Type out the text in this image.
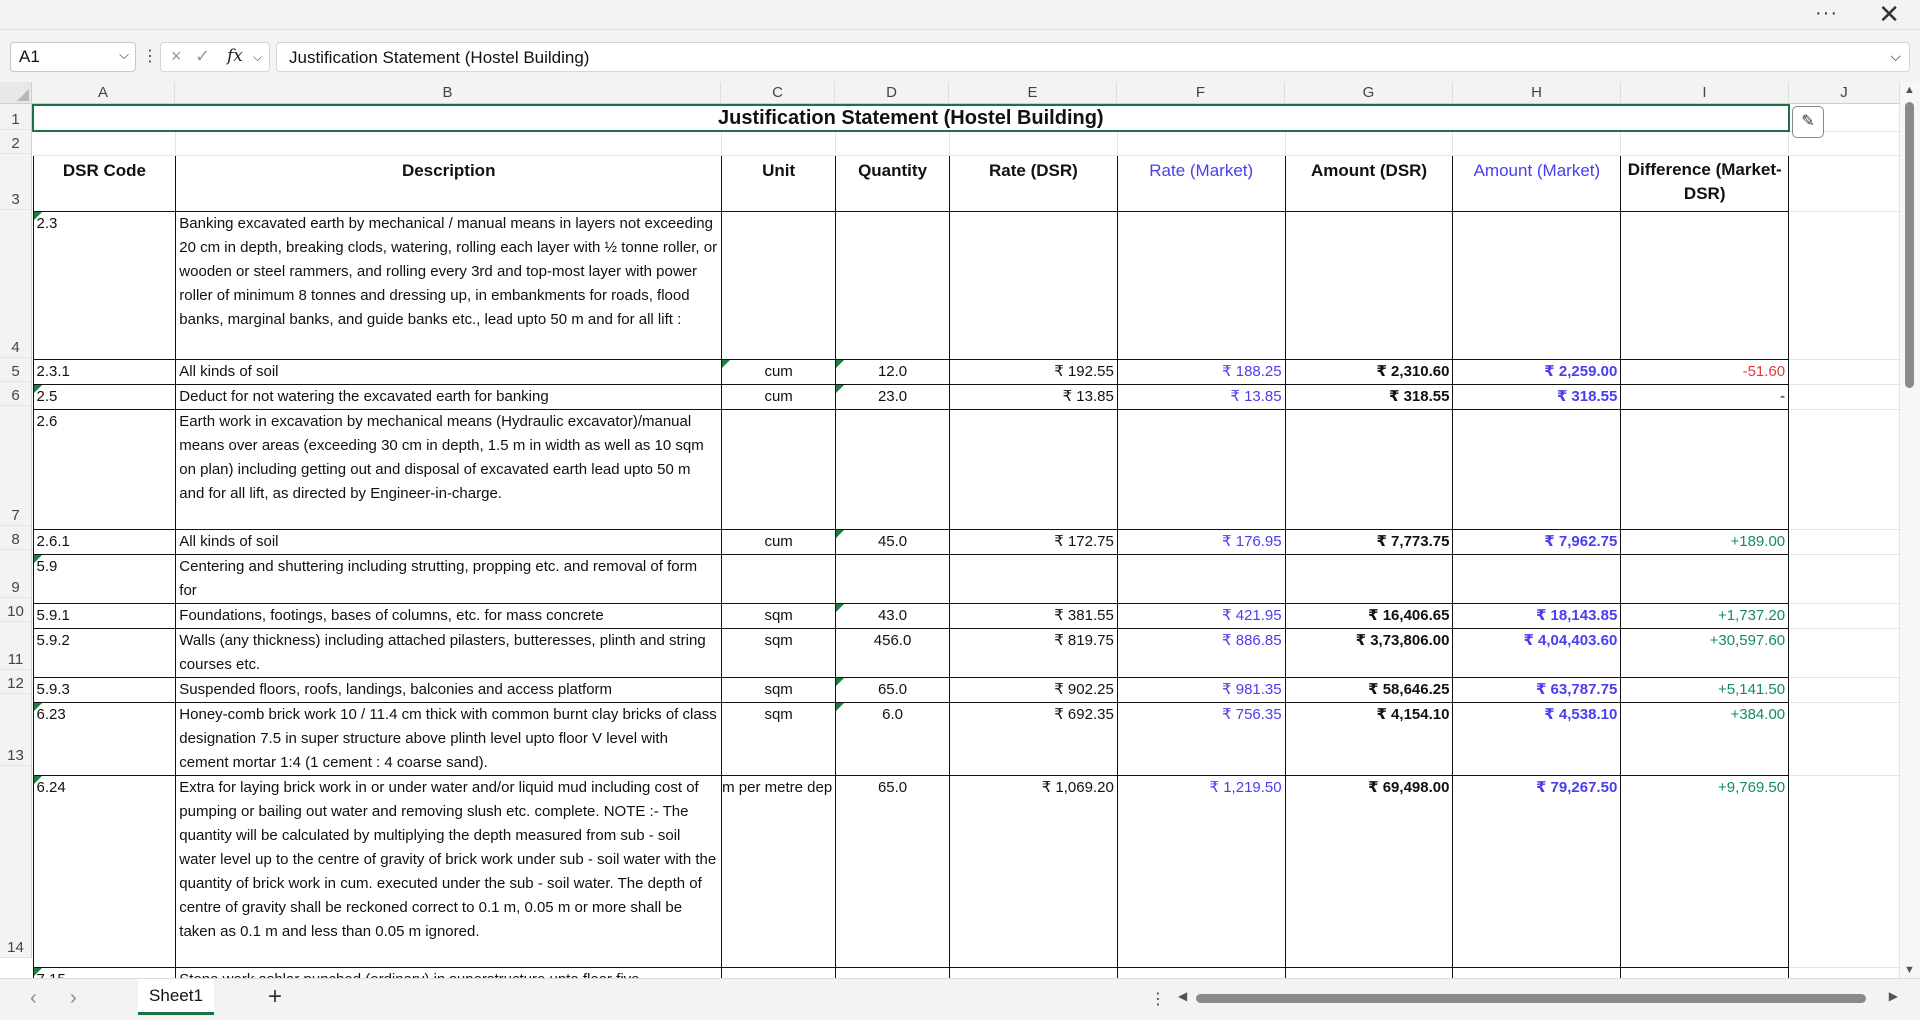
··· ✕
A1	⌵ ⋮ × ✓ fx ⌵	Justification Statement (Hostel Building)	⌵
A	B	C	D	E	F	G	H	I	J
1
2
3
4
5
6
7
8
9
10
11
12
13
14
Justification Statement (Hostel Building)									

DSR Code	Description	Unit	Quantity	Rate (DSR)	Rate (Market)	Amount (DSR)	Amount (Market)	Difference (Market-DSR)	
2.3	Banking excavated earth by mechanical / manual means in layers not exceeding 20 cm in depth, breaking clods, watering, rolling each layer with ½ tonne roller, or wooden or steel rammers, and rolling every 3rd and top-most layer with power roller of minimum 8 tonnes and dressing up, in embankments for roads, flood banks, marginal banks, and guide banks etc., lead upto 50 m and for all lift :								
2.3.1	All kinds of soil	cum	12.0	₹ 192.55	₹ 188.25	₹ 2,310.60	₹ 2,259.00	-51.60	
2.5	Deduct for not watering the excavated earth for banking	cum	23.0	₹ 13.85	₹ 13.85	₹ 318.55	₹ 318.55	-	
2.6	Earth work in excavation by mechanical means (Hydraulic excavator)/manual means over areas (exceeding 30 cm in depth, 1.5 m in width as well as 10 sqm on plan) including getting out and disposal of excavated earth lead upto 50 m and for all lift, as directed by Engineer-in-charge.								
2.6.1	All kinds of soil	cum	45.0	₹ 172.75	₹ 176.95	₹ 7,773.75	₹ 7,962.75	+189.00	
5.9	Centering and shuttering including strutting, propping etc. and removal of form for								
5.9.1	Foundations, footings, bases of columns, etc. for mass concrete	sqm	43.0	₹ 381.55	₹ 421.95	₹ 16,406.65	₹ 18,143.85	+1,737.20	
5.9.2	Walls (any thickness) including attached pilasters, butteresses, plinth and string courses etc.	sqm	456.0	₹ 819.75	₹ 886.85	₹ 3,73,806.00	₹ 4,04,403.60	+30,597.60	
5.9.3	Suspended floors, roofs, landings, balconies and access platform	sqm	65.0	₹ 902.25	₹ 981.35	₹ 58,646.25	₹ 63,787.75	+5,141.50	
6.23	Honey-comb brick work 10 / 11.4 cm thick with common burnt clay bricks of class designation 7.5 in super structure above plinth level upto floor V level with cement mortar 1:4 (1 cement : 4 coarse sand).	sqm	6.0	₹ 692.35	₹ 756.35	₹ 4,154.10	₹ 4,538.10	+384.00	
6.24	Extra for laying brick work in or under water and/or liquid mud including cost of pumping or bailing out water and removing slush etc. complete. NOTE :- The quantity will be calculated by multiplying the depth measured from sub - soil water level up to the centre of gravity of brick work under sub - soil water with the quantity of brick work in cum. executed under the sub - soil water. The depth of centre of gravity shall be reckoned correct to 0.1 m, 0.05 m or more shall be taken as 0.1 m and less than 0.05 m ignored.	m per metre dep	65.0	₹ 1,069.20	₹ 1,219.50	₹ 69,498.00	₹ 79,267.50	+9,769.50	

✎
▲
▼
‹ ›	Sheet1	+	⋮ ◀	▶
